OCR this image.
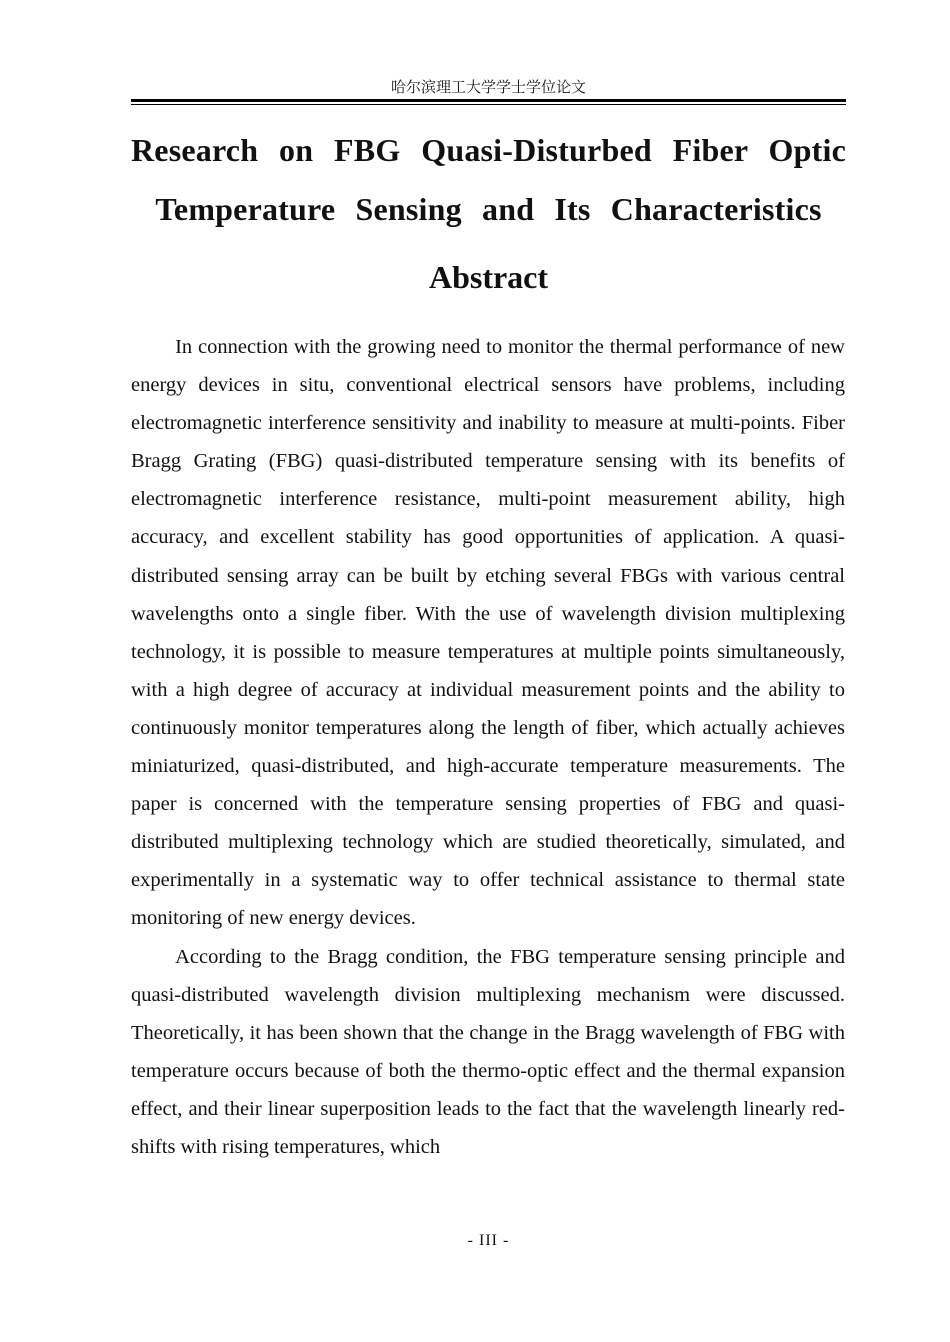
哈尔滨理工大学学士学位论文
Research on FBG Quasi-Disturbed Fiber Optic
Temperature Sensing and Its Characteristics
Abstract

In connection with the growing need to monitor the thermal performance of new energy devices in situ, conventional electrical sensors have problems, including electromagnetic interference sensitivity and inability to measure at multi-points. Fiber Bragg Grating (FBG) quasi-distributed temperature sensing with its benefits of electromagnetic interference resistance, multi-point measurement ability, high accuracy, and excellent stability has good opportunities of application. A quasi-distributed sensing array can be built by etching several FBGs with various central wavelengths onto a single fiber. With the use of wavelength division multiplexing technology, it is possible to measure temperatures at multiple points simultaneously, with a high degree of accuracy at individual measurement points and the ability to continuously monitor temperatures along the length of fiber, which actually achieves miniaturized, quasi-distributed, and high-accurate temperature measurements. The paper is concerned with the temperature sensing properties of FBG and quasi-distributed multiplexing technology which are studied theoretically, simulated, and experimentally in a systematic way to offer technical assistance to thermal state monitoring of new energy devices.

According to the Bragg condition, the FBG temperature sensing principle and quasi-distributed wavelength division multiplexing mechanism were discussed. Theoretically, it has been shown that the change in the Bragg wavelength of FBG with temperature occurs because of both the thermo-optic effect and the thermal expansion effect, and their linear superposition leads to the fact that the wavelength linearly red-shifts with rising temperatures, which

- III -
